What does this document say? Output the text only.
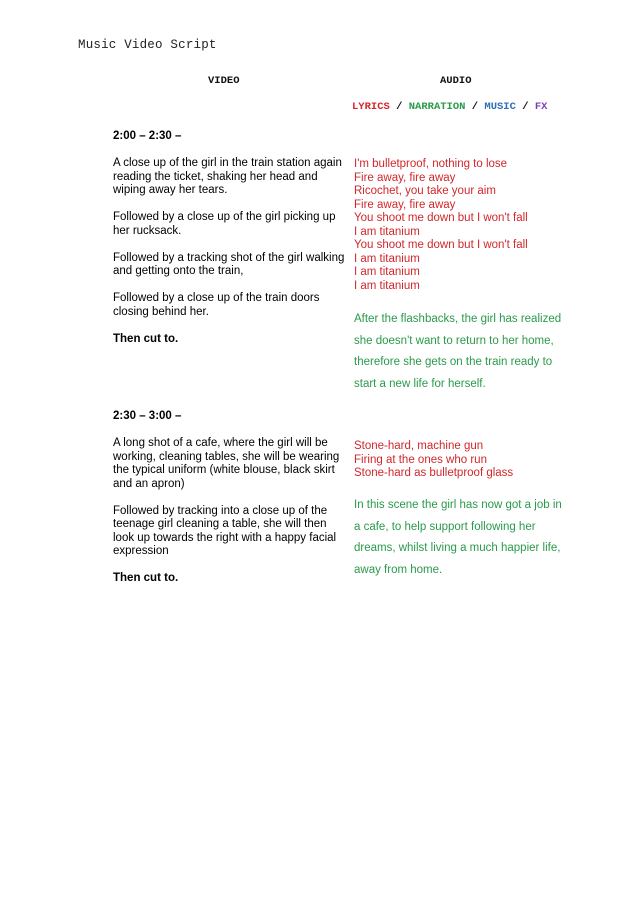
Music Video Script
VIDEO	AUDIO
LYRICS / NARRATION / MUSIC / FX
2:00 – 2:30 –
A close up of the girl in the train station again reading the ticket, shaking her head and wiping away her tears.
Followed by a close up of the girl picking up her rucksack.
Followed by a tracking shot of the girl walking and getting onto the train,
Followed by a close up of the train doors closing behind her.
Then cut to.
I'm bulletproof, nothing to lose
Fire away, fire away
Ricochet, you take your aim
Fire away, fire away
You shoot me down but I won't fall
I am titanium
You shoot me down but I won't fall
I am titanium
I am titanium
I am titanium
After the flashbacks, the girl has realized she doesn't want to return to her home, therefore she gets on the train ready to start a new life for herself.
2:30 – 3:00 –
A long shot of a cafe, where the girl will be working, cleaning tables, she will be wearing the typical uniform (white blouse, black skirt and an apron)
Followed by tracking into a close up of the teenage girl cleaning a table, she will then look up towards the right with a happy facial expression
Then cut to.
Stone-hard, machine gun
Firing at the ones who run
Stone-hard as bulletproof glass
In this scene the girl has now got a job in a cafe, to help support following her dreams, whilst living a much happier life, away from home.
